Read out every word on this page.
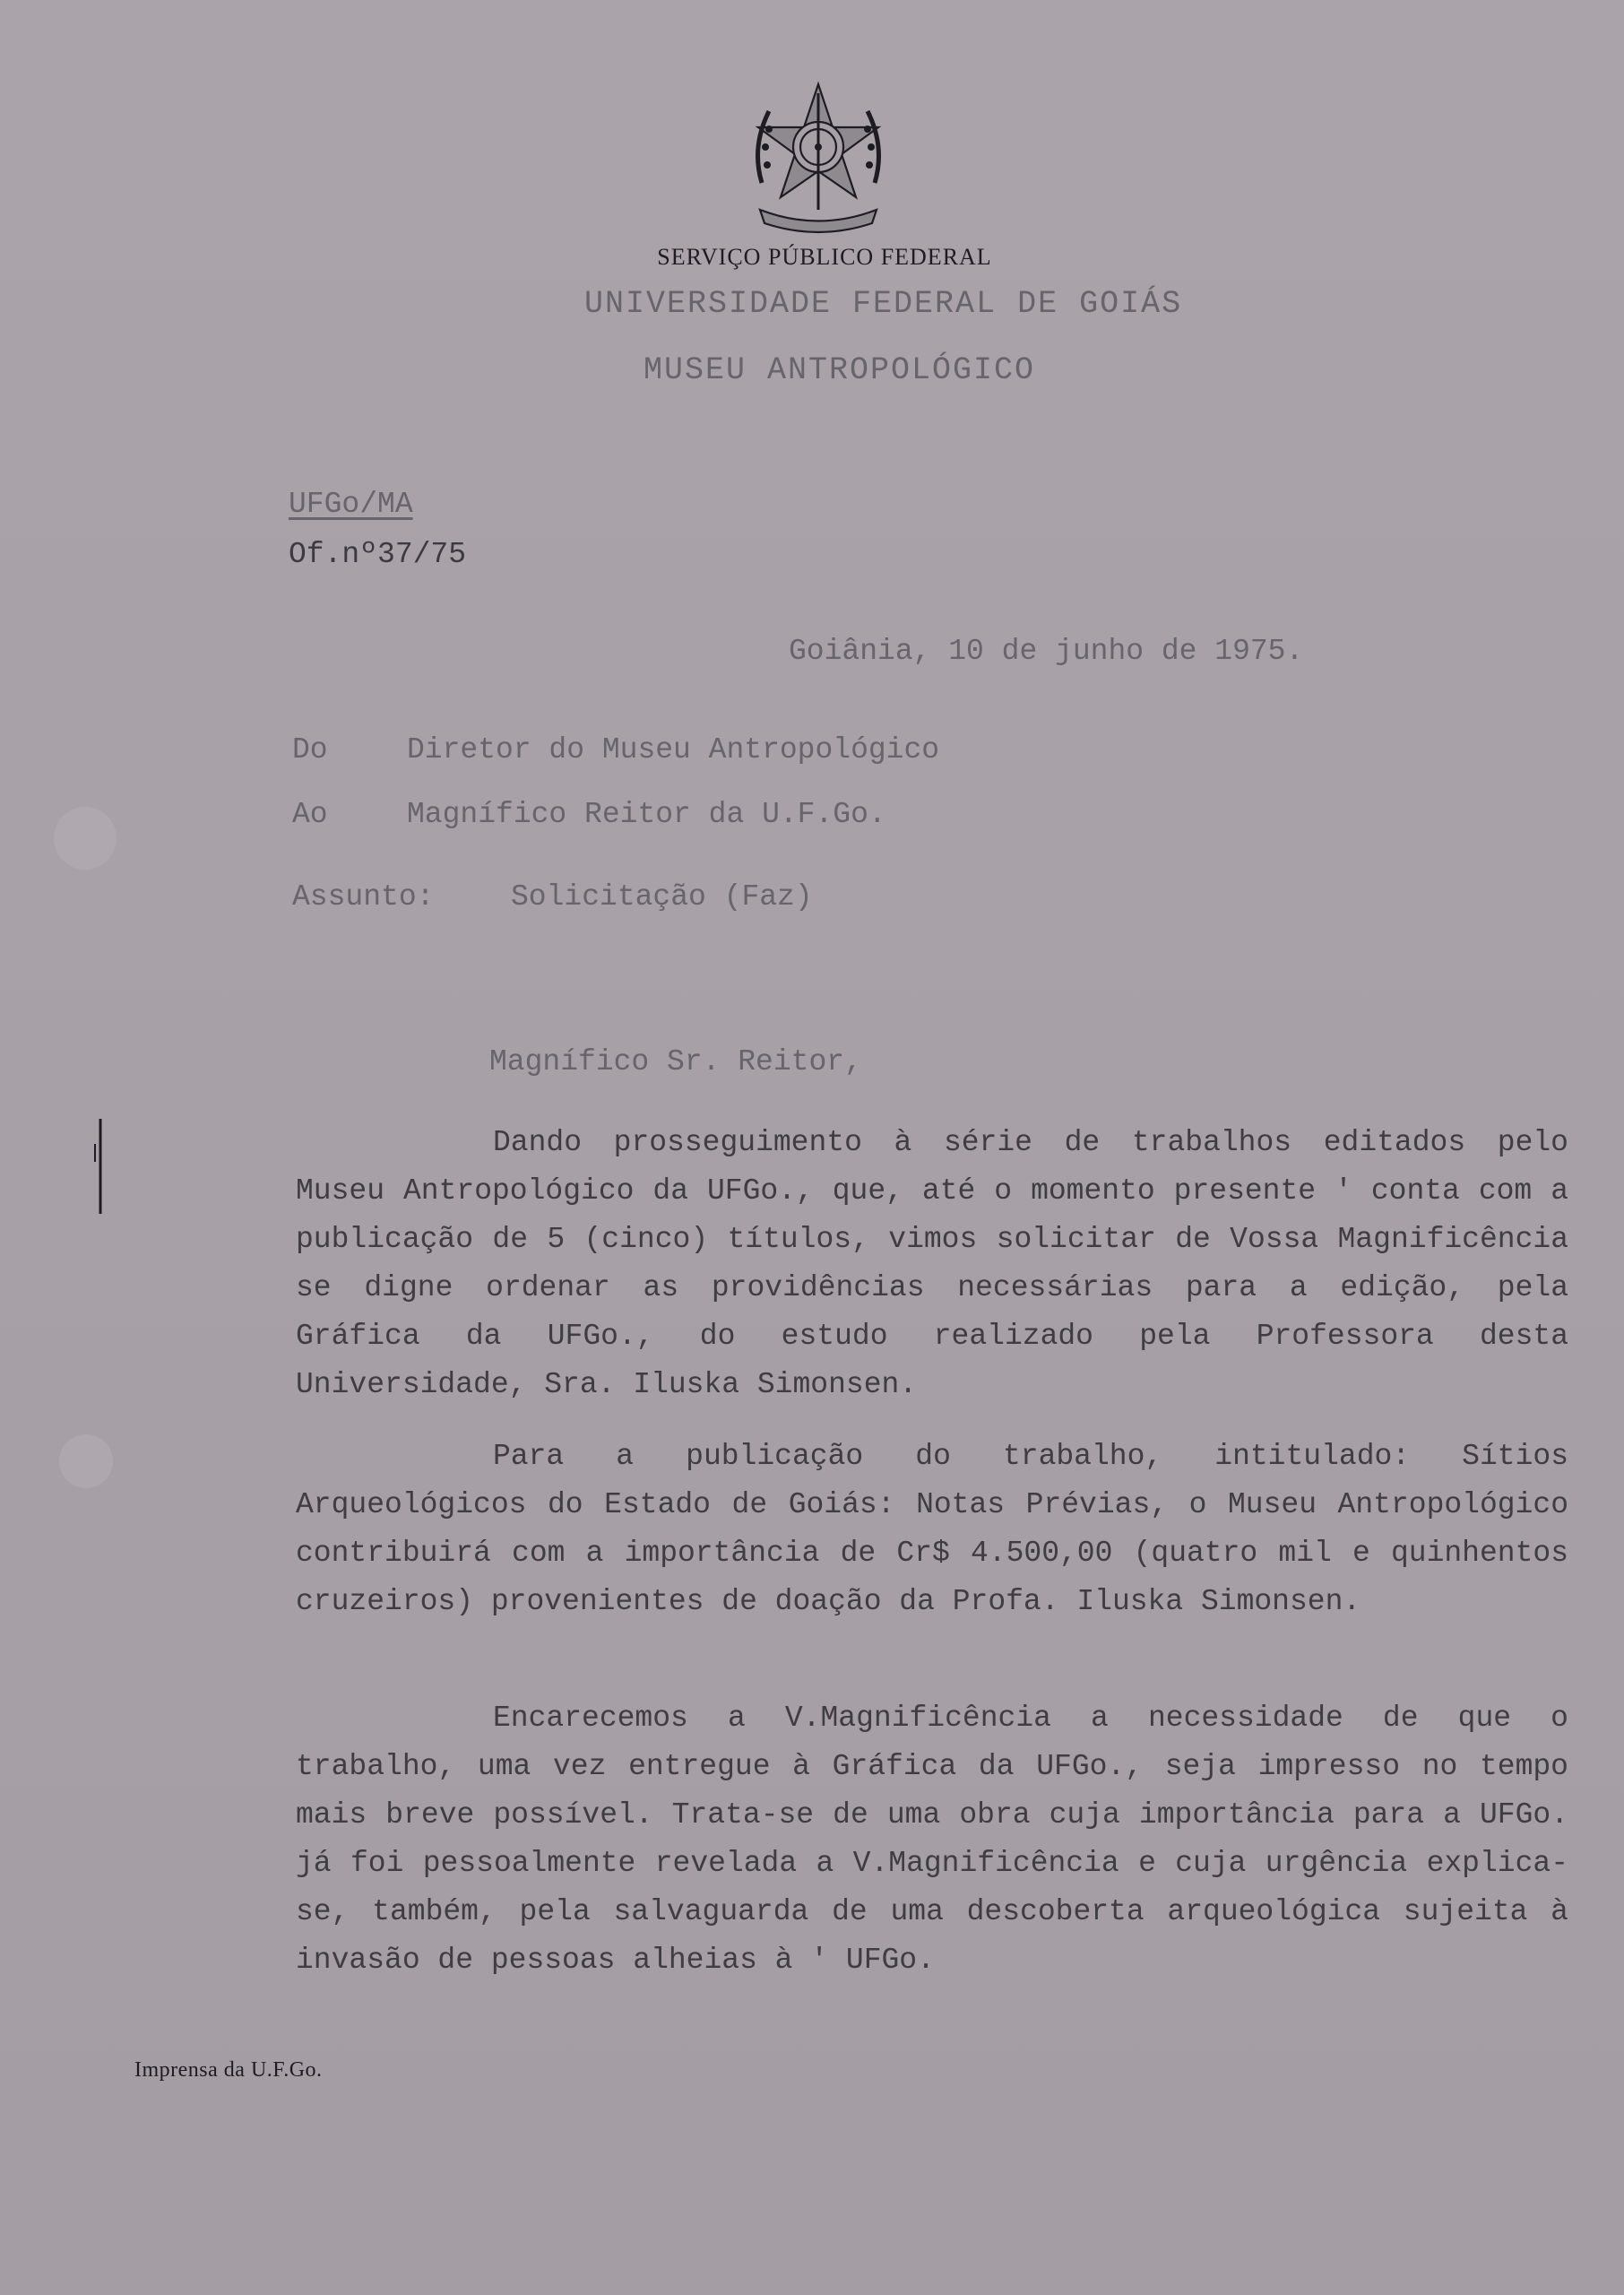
SERVIÇO PÚBLICO FEDERAL
UNIVERSIDADE FEDERAL DE GOIÁS
MUSEU ANTROPOLÓGICO
UFGo/MA
Of.nº37/75
Goiânia, 10 de junho de 1975.
Do	Diretor do Museu Antropológico
Ao	Magnífico Reitor da U.F.Go.
Assunto:	Solicitação (Faz)
Magnífico Sr. Reitor,

Dando prosseguimento à série de trabalhos editados pelo Museu Antropológico da UFGo., que, até o momento presente ' conta com a publicação de 5 (cinco) títulos, vimos solicitar de Vossa Magnificência se digne ordenar as providências necessárias para a edição, pela Gráfica da UFGo., do estudo realizado pela Professora desta Universidade, Sra. Iluska Simonsen.

Para a publicação do trabalho, intitulado: Sítios Arqueológicos do Estado de Goiás: Notas Prévias, o Museu Antropológico contribuirá com a importância de Cr$ 4.500,00 (quatro mil e quinhentos cruzeiros) provenientes de doação da Profa. Iluska Simonsen.

Encarecemos a V.Magnificência a necessidade de que o trabalho, uma vez entregue à Gráfica da UFGo., seja impresso no tempo mais breve possível. Trata-se de uma obra cuja importância para a UFGo. já foi pessoalmente revelada a V.Magnificência e cuja urgência explica-se, também, pela salvaguarda de uma descoberta arqueológica sujeita à invasão de pessoas alheias à ' UFGo.

Imprensa da U.F.Go.
